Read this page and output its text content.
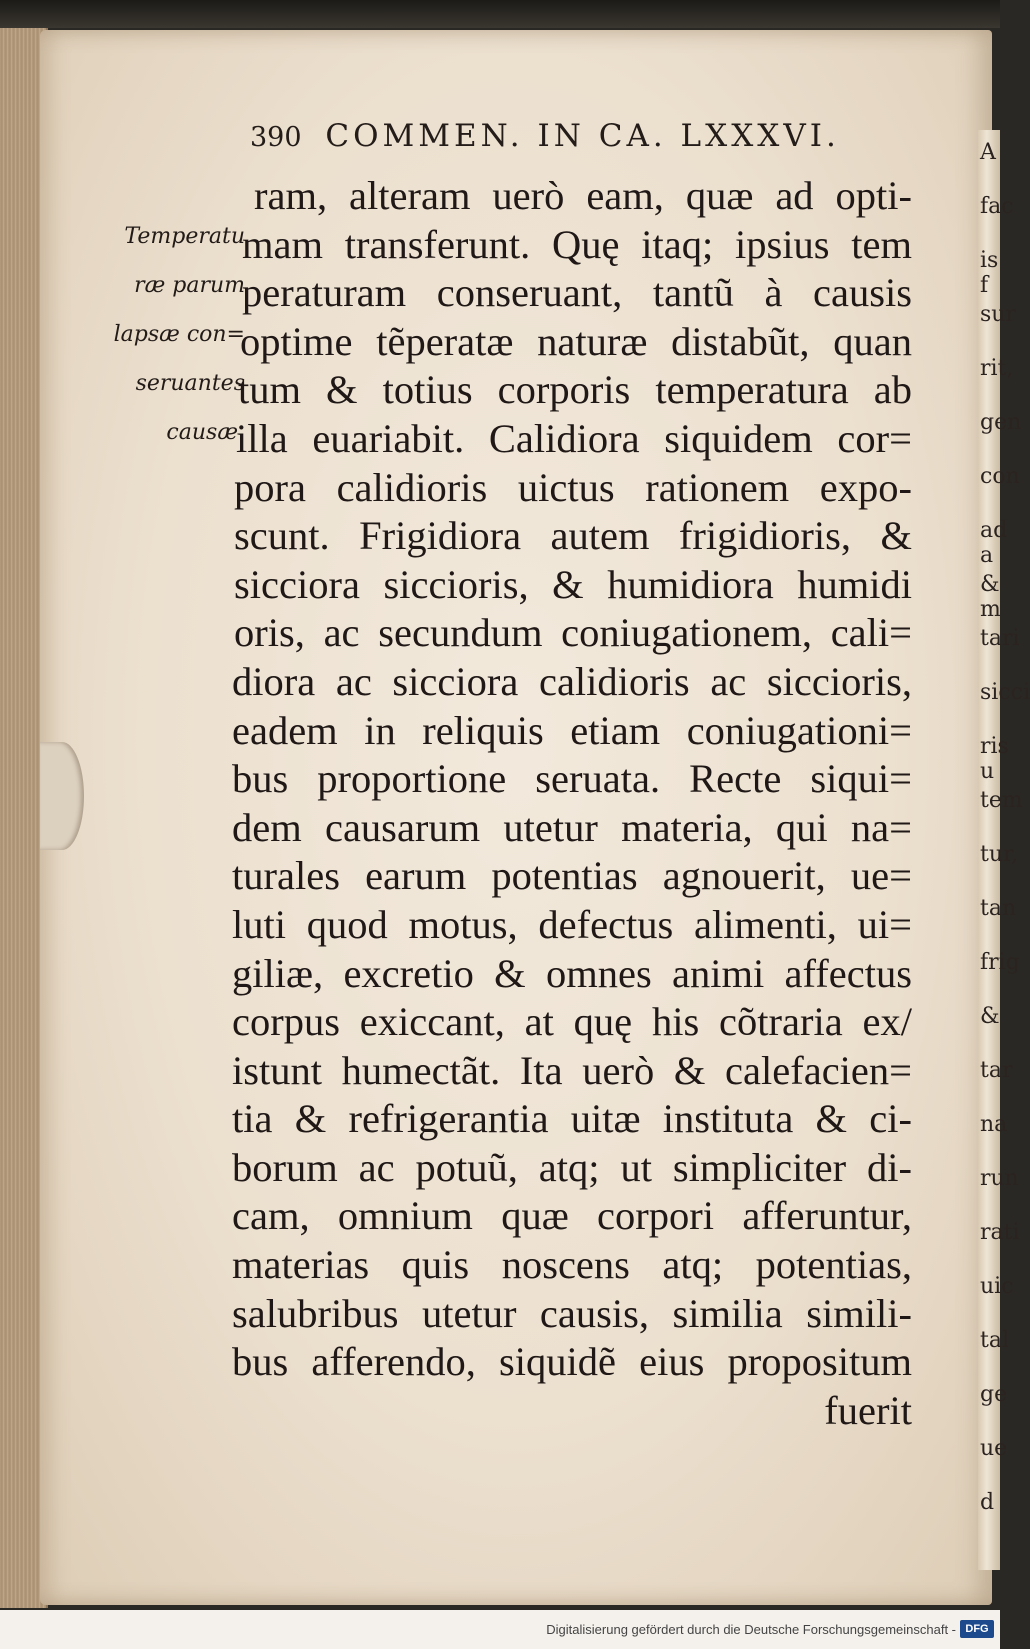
A
fac
is f
sur
rit,
gen
con
ad a
& m
tari
sicci
ris u
tem
tur,
tan
frig
&
tar
na
run
rati
uic
tal
ge
ue
d
390 COMMEN. IN CA. LXXXVI.
Temperatu
ræ parum
lapsæ con=
seruantes
causæ.
ram, alteram uerò eam, quæ ad opti-
mam transferunt. Quę itaq; ipsius tem
peraturam conseruant, tantũ à causis
optime tẽperatæ naturæ distabũt, quan
tum & totius corporis temperatura ab
illa euariabit. Calidiora siquidem cor=
pora calidioris uictus rationem expo-
scunt. Frigidiora autem frigidioris, &
sicciora siccioris, & humidiora humidi
oris, ac secundum coniugationem, cali=
diora ac sicciora calidioris ac siccioris,
eadem in reliquis etiam coniugationi=
bus proportione seruata. Recte siqui=
dem causarum utetur materia, qui na=
turales earum potentias agnouerit, ue=
luti quod motus, defectus alimenti, ui=
giliæ, excretio & omnes animi affectus
corpus exiccant, at quę his cõtraria ex/
istunt humectãt. Ita uerò & calefacien=
tia & refrigerantia uitæ instituta & ci-
borum ac potuũ, atq; ut simpliciter di-
cam, omnium quæ corpori afferuntur,
materias quis noscens atq; potentias,
salubribus utetur causis, similia simili-
bus afferendo, siquidẽ eius propositum
fuerit
Digitalisierung gefördert durch die Deutsche Forschungsgemeinschaft - DFG
